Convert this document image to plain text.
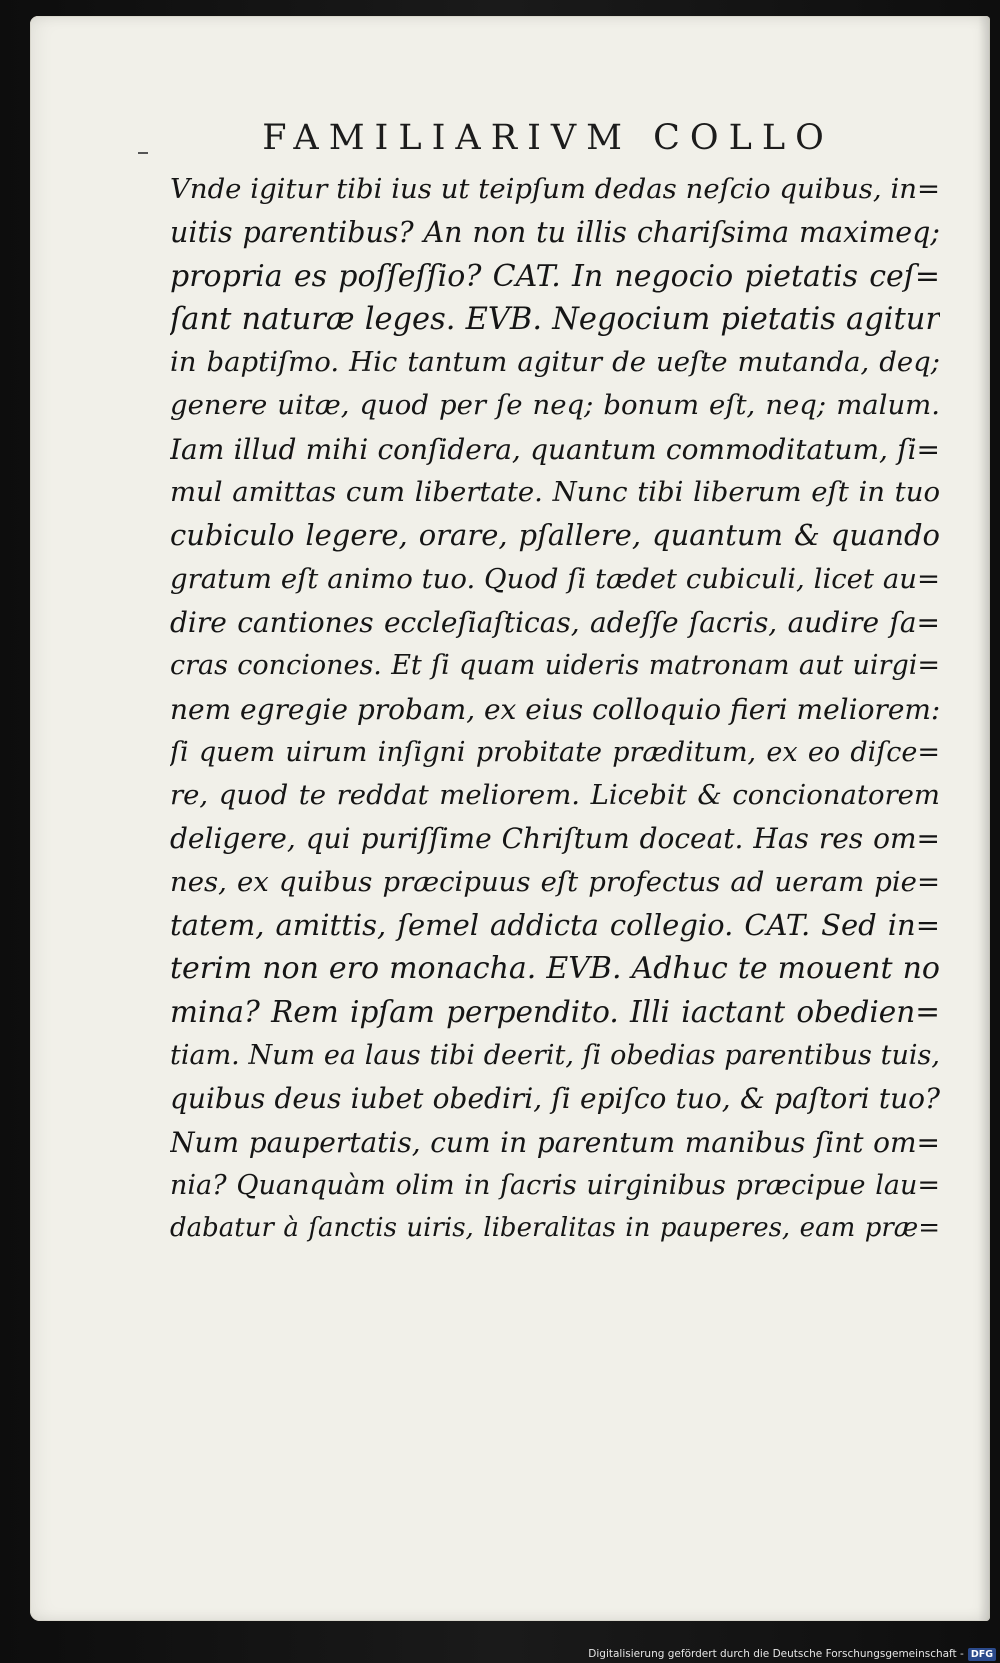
FAMILIARIVM COLLO
Vnde igitur tibi ius ut teipſum dedas neſcio quibus, in=
uitis parentibus? An non tu illis chariſsima maximeq;
propria es poſſeſſio? CAT. In negocio pietatis ceſ=
ſant naturæ leges. EVB. Negocium pietatis agitur
in baptiſmo. Hic tantum agitur de ueſte mutanda, deq;
genere uitæ, quod per ſe neq; bonum eſt, neq; malum.
Iam illud mihi conſidera, quantum commoditatum, ſi=
mul amittas cum libertate. Nunc tibi liberum eſt in tuo
cubiculo legere, orare, pſallere, quantum & quando
gratum eſt animo tuo. Quod ſi tædet cubiculi, licet au=
dire cantiones eccleſiaſticas, adeſſe ſacris, audire ſa=
cras conciones. Et ſi quam uideris matronam aut uirgi=
nem egregie probam, ex eius colloquio fieri meliorem:
ſi quem uirum inſigni probitate præditum, ex eo diſce=
re, quod te reddat meliorem. Licebit & concionatorem
deligere, qui puriſſime Chriſtum doceat. Has res om=
nes, ex quibus præcipuus eſt profectus ad ueram pie=
tatem, amittis, ſemel addicta collegio. CAT. Sed in=
terim non ero monacha. EVB. Adhuc te mouent no
mina? Rem ipſam perpendito. Illi iactant obedien=
tiam. Num ea laus tibi deerit, ſi obedias parentibus tuis,
quibus deus iubet obediri, ſi epiſco tuo, & paſtori tuo?
Num paupertatis, cum in parentum manibus ſint om=
nia? Quanquàm olim in ſacris uirginibus præcipue lau=
dabatur à ſanctis uiris, liberalitas in pauperes, eam præ=
Digitalisierung gefördert durch die Deutsche Forschungsgemeinschaft - DFG
